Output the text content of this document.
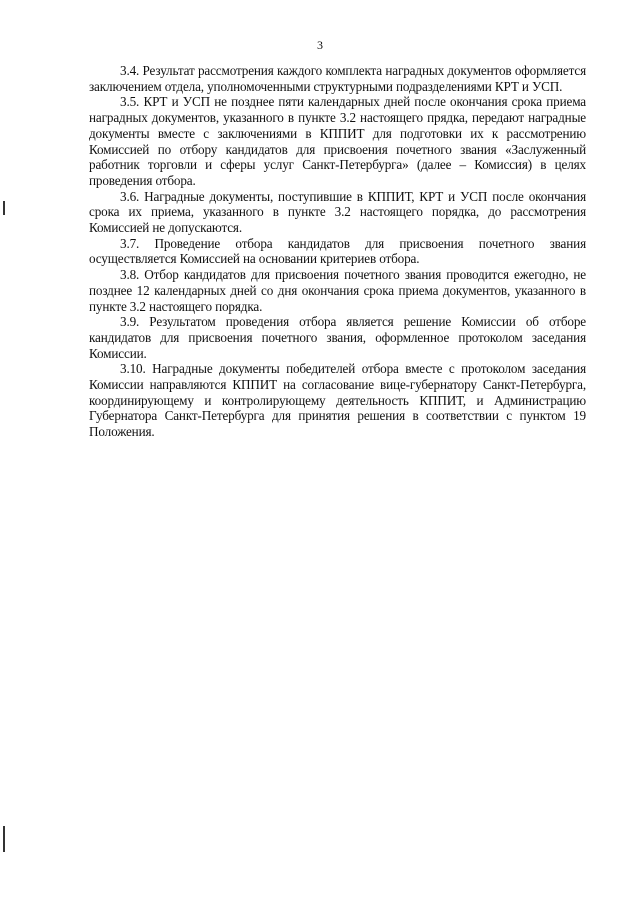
3

3.4. Результат рассмотрения каждого комплекта наградных документов оформляется заключением отдела, уполномоченными структурными подразделениями КРТ и УСП.

3.5. КРТ и УСП не позднее пяти календарных дней после окончания срока приема наградных документов, указанного в пункте 3.2 настоящего прядка, передают наградные документы вместе с заключениями в КППИТ для подготовки их к рассмотрению Комиссией по отбору кандидатов для присвоения почетного звания «Заслуженный работник торговли и сферы услуг Санкт-Петербурга» (далее – Комиссия) в целях проведения отбора.

3.6. Наградные документы, поступившие в КППИТ, КРТ и УСП после окончания срока их приема, указанного в пункте 3.2 настоящего порядка, до рассмотрения Комиссией не допускаются.

3.7. Проведение отбора кандидатов для присвоения почетного звания осуществляется Комиссией на основании критериев отбора.

3.8. Отбор кандидатов для присвоения почетного звания проводится ежегодно, не позднее 12 календарных дней со дня окончания срока приема документов, указанного в пункте 3.2 настоящего порядка.

3.9. Результатом проведения отбора является решение Комиссии об отборе кандидатов для присвоения почетного звания, оформленное протоколом заседания Комиссии.

3.10. Наградные документы победителей отбора вместе с протоколом заседания Комиссии направляются КППИТ на согласование вице-губернатору Санкт-Петербурга, координирующему и контролирующему деятельность КППИТ, и Администрацию Губернатора Санкт-Петербурга для принятия решения в соответствии с пунктом 19 Положения.
